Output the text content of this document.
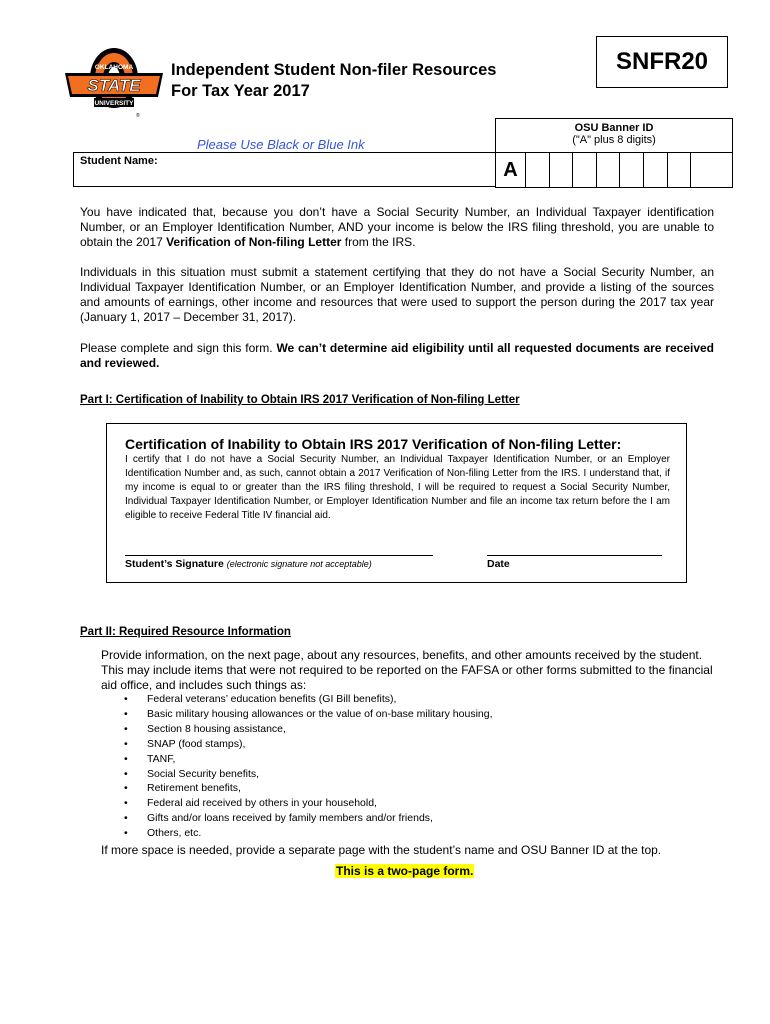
OKLAHOMA
STATE
UNIVERSITY
®
Independent Student Non-filer Resources
For Tax Year 2017
SNFR20
Please Use Black or Blue Ink
Student Name:
OSU Banner ID
("A" plus 8 digits)
A
You have indicated that, because you don’t have a Social Security Number, an Individual Taxpayer identification Number, or an Employer Identification Number, AND your income is below the IRS filing threshold, you are unable to obtain the 2017 Verification of Non-filing Letter from the IRS.
Individuals in this situation must submit a statement certifying that they do not have a Social Security Number, an Individual Taxpayer Identification Number, or an Employer Identification Number, and provide a listing of the sources and amounts of earnings, other income and resources that were used to support the person during the 2017 tax year (January 1, 2017 – December 31, 2017).
Please complete and sign this form. We can’t determine aid eligibility until all requested documents are received and reviewed.
Part I: Certification of Inability to Obtain IRS 2017 Verification of Non-filing Letter
Certification of Inability to Obtain IRS 2017 Verification of Non-filing Letter:
I certify that I do not have a Social Security Number, an Individual Taxpayer Identification Number, or an Employer Identification Number and, as such, cannot obtain a 2017 Verification of Non-filing Letter from the IRS. I understand that, if my income is equal to or greater than the IRS filing threshold, I will be required to request a Social Security Number, Individual Taxpayer Identification Number, or Employer Identification Number and file an income tax return before the I am eligible to receive Federal Title IV financial aid.
Student’s Signature (electronic signature not acceptable)	Date
Part II: Required Resource Information
Provide information, on the next page, about any resources, benefits, and other amounts received by the student. This may include items that were not required to be reported on the FAFSA or other forms submitted to the financial aid office, and includes such things as:
• Federal veterans’ education benefits (GI Bill benefits),
• Basic military housing allowances or the value of on-base military housing,
• Section 8 housing assistance,
• SNAP (food stamps),
• TANF,
• Social Security benefits,
• Retirement benefits,
• Federal aid received by others in your household,
• Gifts and/or loans received by family members and/or friends,
• Others, etc.
If more space is needed, provide a separate page with the student’s name and OSU Banner ID at the top.
This is a two-page form.
